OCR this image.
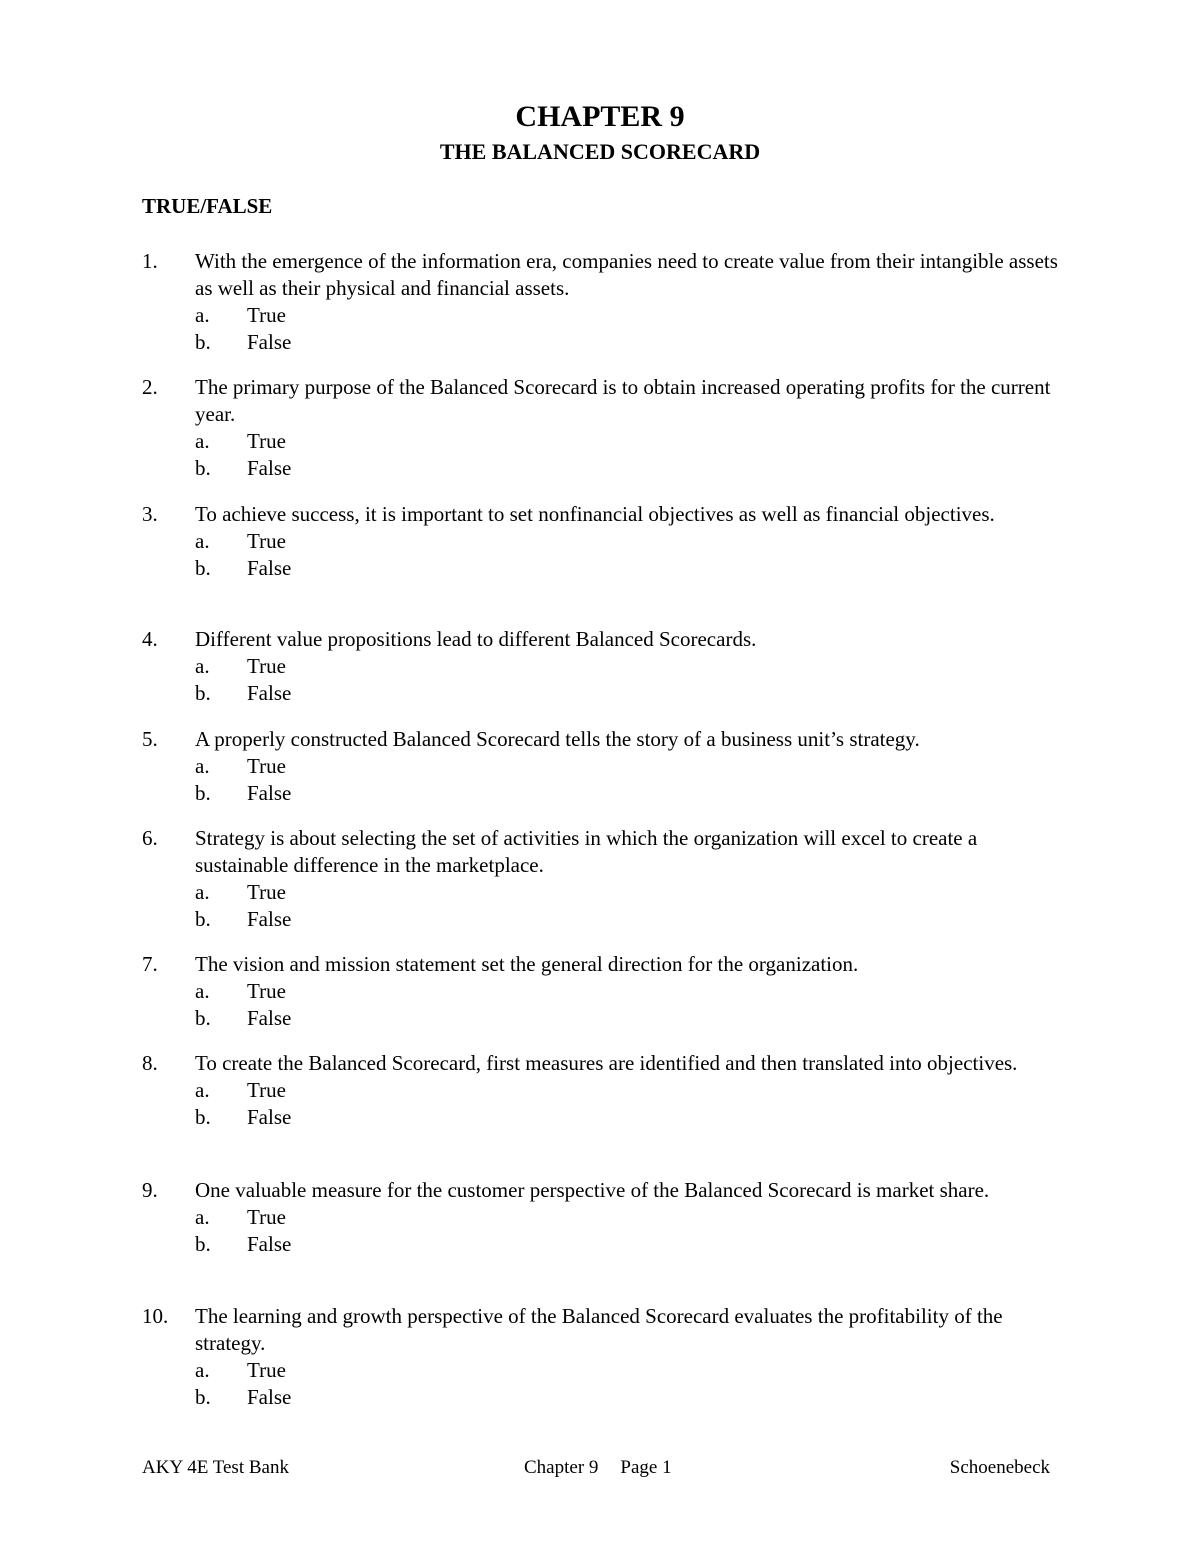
CHAPTER 9
THE BALANCED SCORECARD
TRUE/FALSE
1. With the emergence of the information era, companies need to create value from their intangible assets as well as their physical and financial assets.
a. True
b. False
2. The primary purpose of the Balanced Scorecard is to obtain increased operating profits for the current year.
a. True
b. False
3. To achieve success, it is important to set nonfinancial objectives as well as financial objectives.
a. True
b. False
4. Different value propositions lead to different Balanced Scorecards.
a. True
b. False
5. A properly constructed Balanced Scorecard tells the story of a business unit’s strategy.
a. True
b. False
6. Strategy is about selecting the set of activities in which the organization will excel to create a sustainable difference in the marketplace.
a. True
b. False
7. The vision and mission statement set the general direction for the organization.
a. True
b. False
8. To create the Balanced Scorecard, first measures are identified and then translated into objectives.
a. True
b. False
9. One valuable measure for the customer perspective of the Balanced Scorecard is market share.
a. True
b. False
10. The learning and growth perspective of the Balanced Scorecard evaluates the profitability of the strategy.
a. True
b. False
AKY 4E Test Bank	Chapter 9 Page 1	Schoenebeck
